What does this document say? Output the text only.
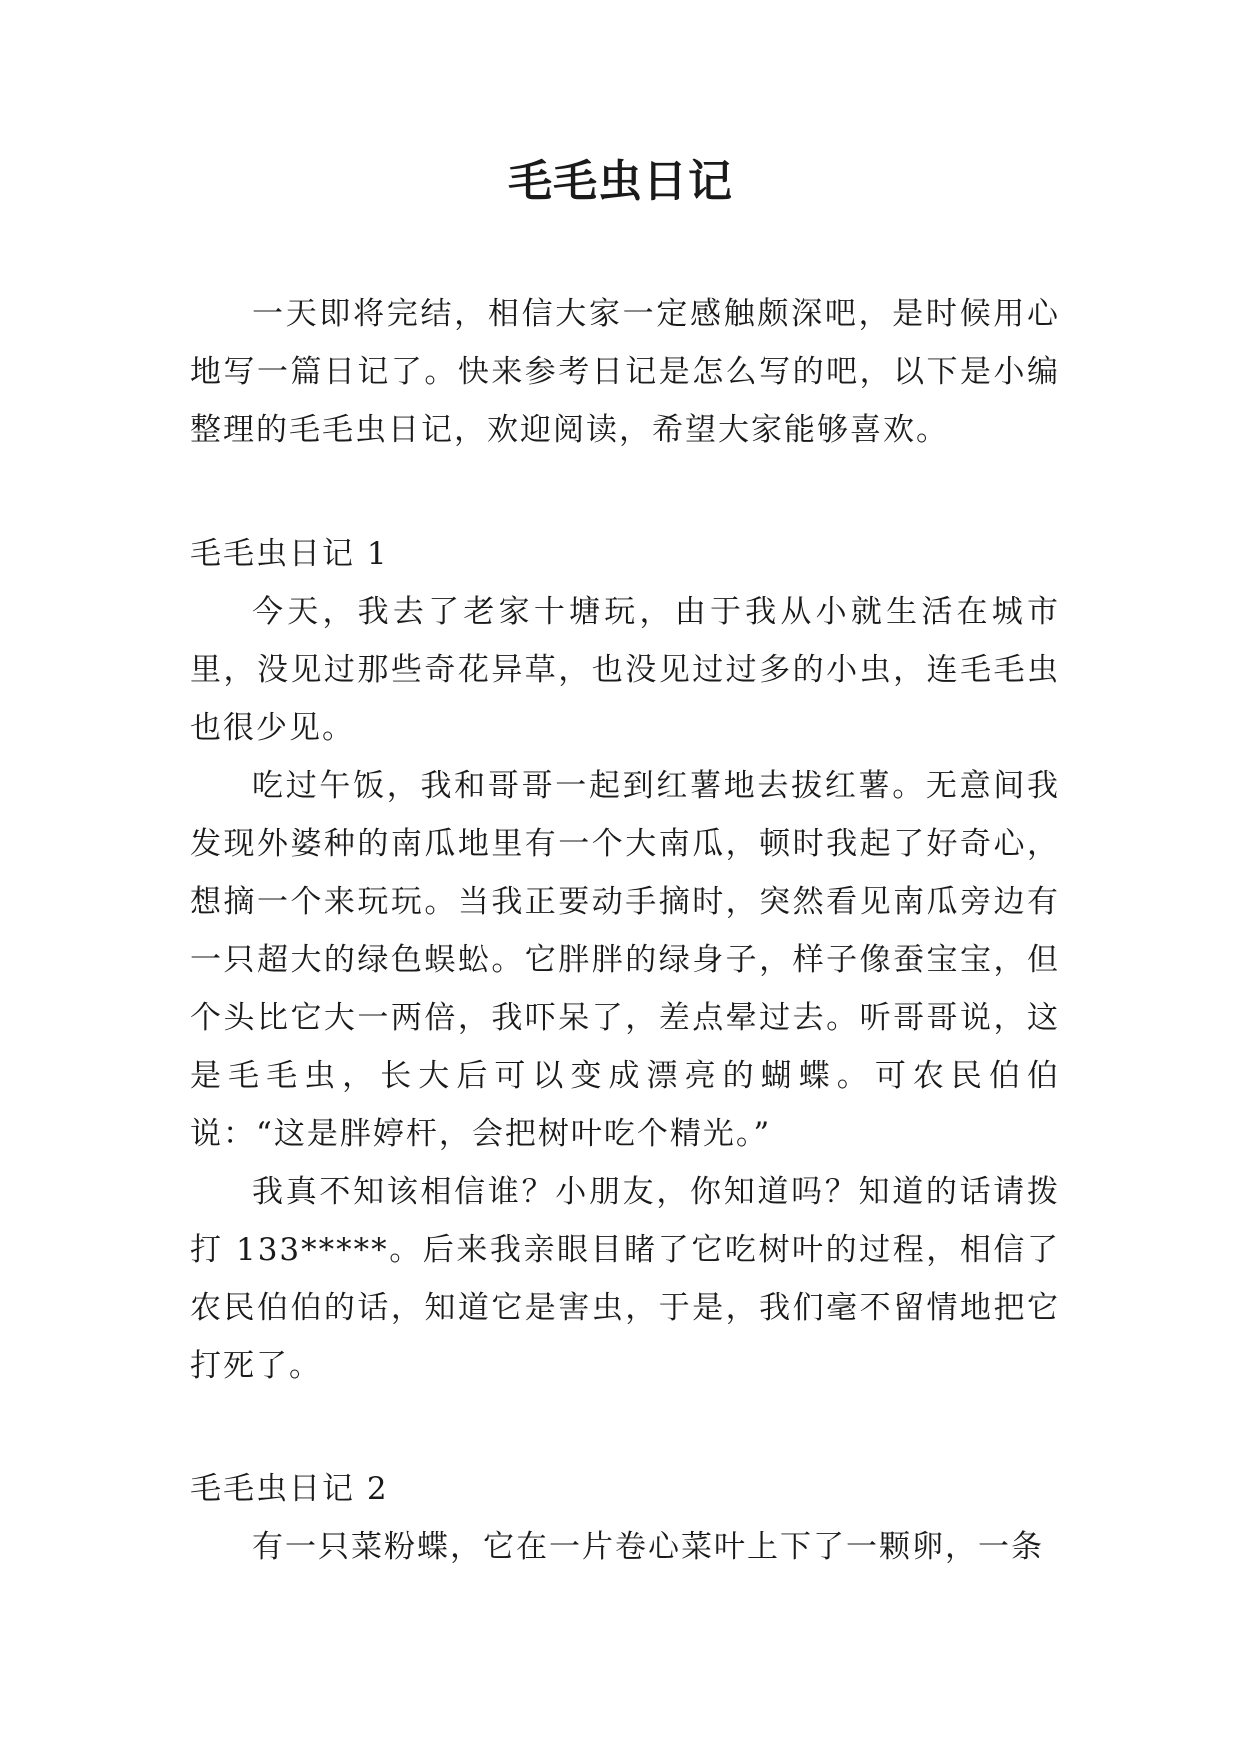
毛毛虫日记

一天即将完结，相信大家一定感触颇深吧，是时候用心地写一篇日记了。快来参考日记是怎么写的吧，以下是小编整理的毛毛虫日记，欢迎阅读，希望大家能够喜欢。

毛毛虫日记 1

今天，我去了老家十塘玩，由于我从小就生活在城市里，没见过那些奇花异草，也没见过过多的小虫，连毛毛虫也很少见。

吃过午饭，我和哥哥一起到红薯地去拔红薯。无意间我发现外婆种的南瓜地里有一个大南瓜，顿时我起了好奇心，想摘一个来玩玩。当我正要动手摘时，突然看见南瓜旁边有一只超大的绿色蜈蚣。它胖胖的绿身子，样子像蚕宝宝，但个头比它大一两倍，我吓呆了，差点晕过去。听哥哥说，这是毛毛虫，长大后可以变成漂亮的蝴蝶。可农民伯伯说：“这是胖婷杆，会把树叶吃个精光。”

我真不知该相信谁？小朋友，你知道吗？知道的话请拨打 133*****。后来我亲眼目睹了它吃树叶的过程，相信了农民伯伯的话，知道它是害虫，于是，我们毫不留情地把它打死了。

毛毛虫日记 2

有一只菜粉蝶，它在一片卷心菜叶上下了一颗卵，一条
